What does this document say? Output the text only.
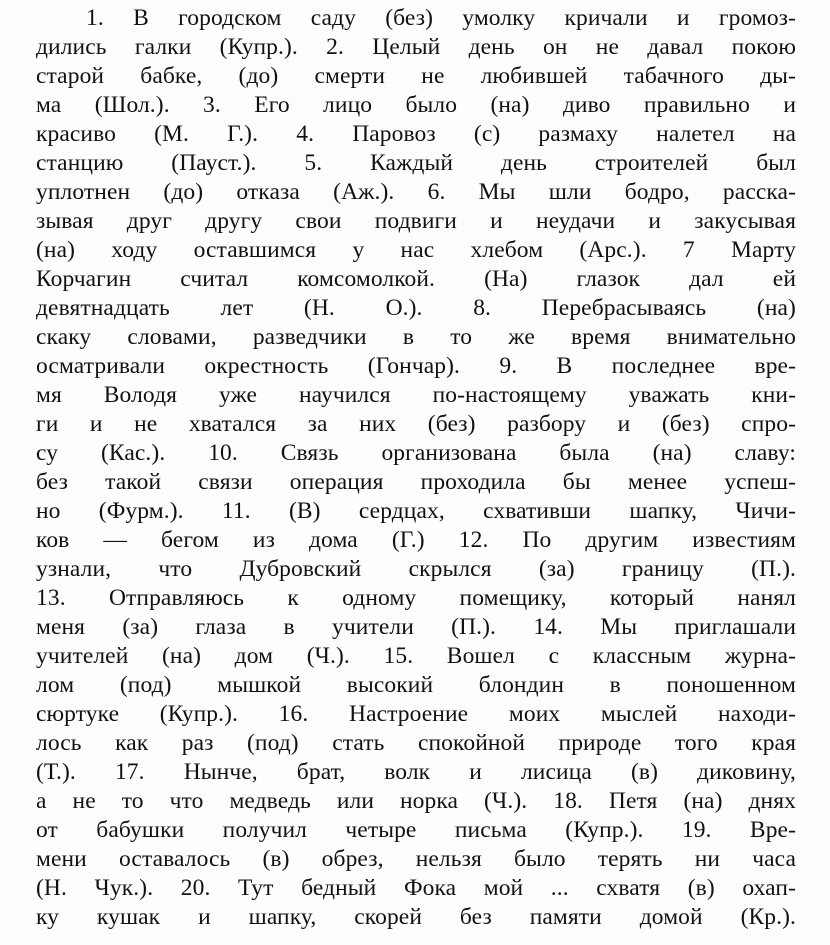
1. В городском саду (без) умолку кричали и громоз-
дились галки (Купр.). 2. Целый день он не давал покою
старой бабке, (до) смерти не любившей табачного ды-
ма (Шол.). 3. Его лицо было (на) диво правильно и
красиво (М. Г.). 4. Паровоз (с) размаху налетел на
станцию (Пауст.). 5. Каждый день строителей был
уплотнен (до) отказа (Аж.). 6. Мы шли бодро, расска-
зывая друг другу свои подвиги и неудачи и закусывая
(на) ходу оставшимся у нас хлебом (Арс.). 7 Марту
Корчагин считал комсомолкой. (На) глазок дал ей
девятнадцать лет (Н. О.). 8. Перебрасываясь (на)
скаку словами, разведчики в то же время внимательно
осматривали окрестность (Гончар). 9. В последнее вре-
мя Володя уже научился по-настоящему уважать кни-
ги и не хватался за них (без) разбору и (без) спро-
су (Кас.). 10. Связь организована была (на) славу:
без такой связи операция проходила бы менее успеш-
но (Фурм.). 11. (В) сердцах, схвативши шапку, Чичи-
ков — бегом из дома (Г.) 12. По другим известиям
узнали, что Дубровский скрылся (за) границу (П.).
13. Отправляюсь к одному помещику, который нанял
меня (за) глаза в учители (П.). 14. Мы приглашали
учителей (на) дом (Ч.). 15. Вошел с классным журна-
лом (под) мышкой высокий блондин в поношенном
сюртуке (Купр.). 16. Настроение моих мыслей находи-
лось как раз (под) стать спокойной природе того края
(Т.). 17. Нынче, брат, волк и лисица (в) диковину,
а не то что медведь или норка (Ч.). 18. Петя (на) днях
от бабушки получил четыре письма (Купр.). 19. Вре-
мени оставалось (в) обрез, нельзя было терять ни часа
(Н. Чук.). 20. Тут бедный Фока мой ... схватя (в) охап-
ку кушак и шапку, скорей без памяти домой (Кр.).
